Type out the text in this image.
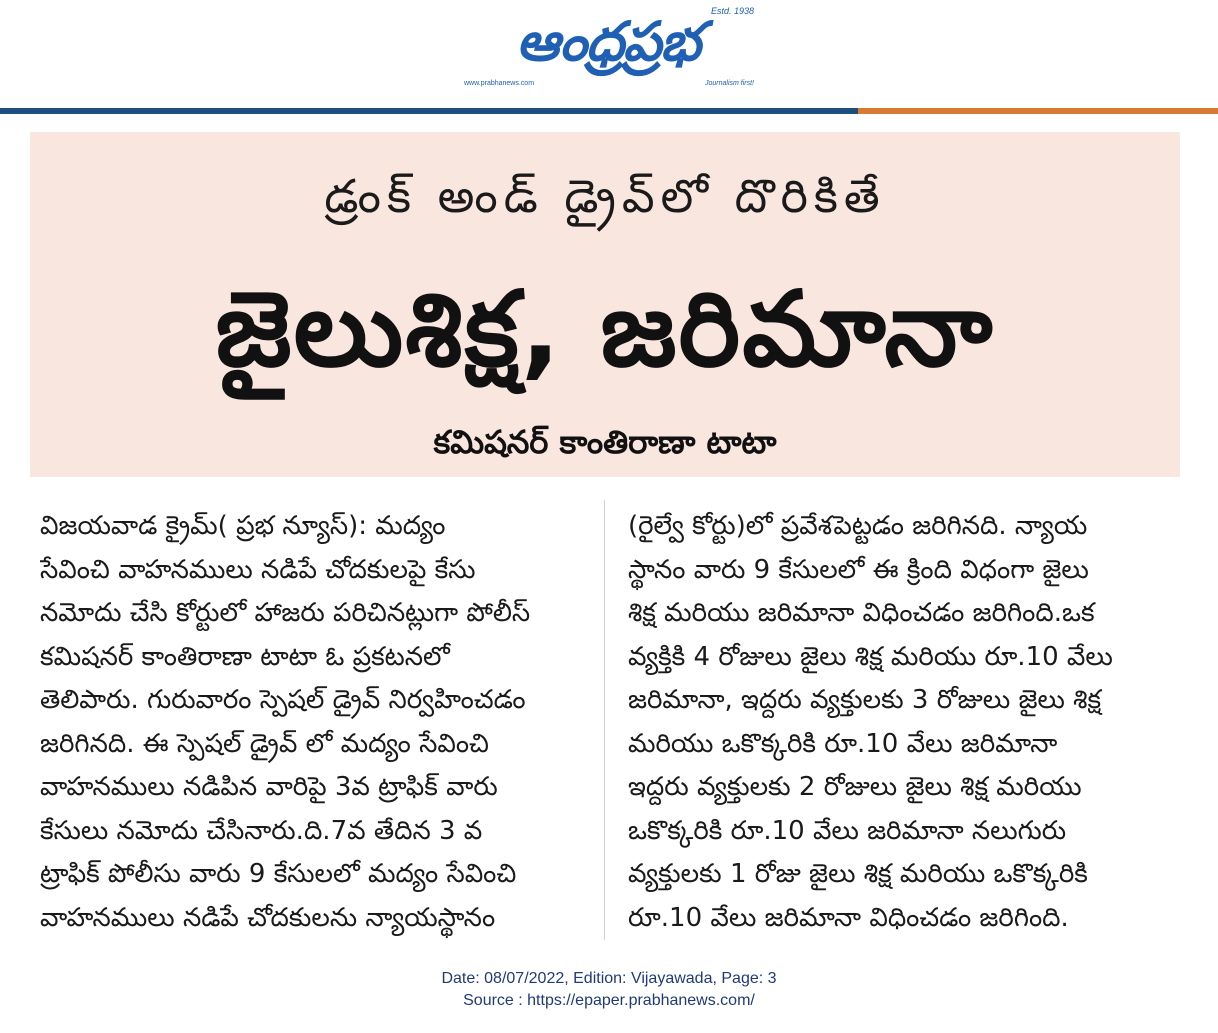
ఆంధ్రప్రభ	Estd. 1938
www.prabhanews.com	Journalism first!
డ్రంక్ అండ్ డ్రైవ్‌లో దొరికితే
జైలుశిక్ష, జరిమానా
కమిషనర్ కాంతిరాణా టాటా
విజయవాడ క్రైమ్( ప్రభ న్యూస్): మద్యం
సేవించి వాహనములు నడిపే చోదకులపై కేసు
నమోదు చేసి కోర్టులో హాజరు పరిచినట్లుగా పోలీస్
కమిషనర్ కాంతిరాణా టాటా ఓ ప్రకటనలో
తెలిపారు. గురువారం స్పెషల్ డ్రైవ్ నిర్వహించడం
జరిగినది. ఈ స్పెషల్ డ్రైవ్ లో మద్యం సేవించి
వాహనములు నడిపిన వారిపై 3వ ట్రాఫిక్ వారు
కేసులు నమోదు చేసినారు.ది.7వ తేదిన 3 వ
ట్రాఫిక్ పోలీసు వారు 9 కేసులలో మద్యం సేవించి
వాహనములు నడిపే చోదకులను న్యాయస్థానం
(రైల్వే కోర్టు)లో ప్రవేశపెట్టడం జరిగినది. న్యాయ
స్థానం వారు 9 కేసులలో ఈ క్రింది విధంగా జైలు
శిక్ష మరియు జరిమానా విధించడం జరిగింది.ఒక
వ్యక్తికి 4 రోజులు జైలు శిక్ష మరియు రూ.10 వేలు
జరిమానా, ఇద్దరు వ్యక్తులకు 3 రోజులు జైలు శిక్ష
మరియు ఒకొక్కరికి రూ.10 వేలు జరిమానా
ఇద్దరు వ్యక్తులకు 2 రోజులు జైలు శిక్ష మరియు
ఒకొక్కరికి రూ.10 వేలు జరిమానా నలుగురు
వ్యక్తులకు 1 రోజు జైలు శిక్ష మరియు ఒకొక్కరికి
రూ.10 వేలు జరిమానా విధించడం జరిగింది.
Date: 08/07/2022, Edition: Vijayawada, Page: 3
Source : https://epaper.prabhanews.com/
